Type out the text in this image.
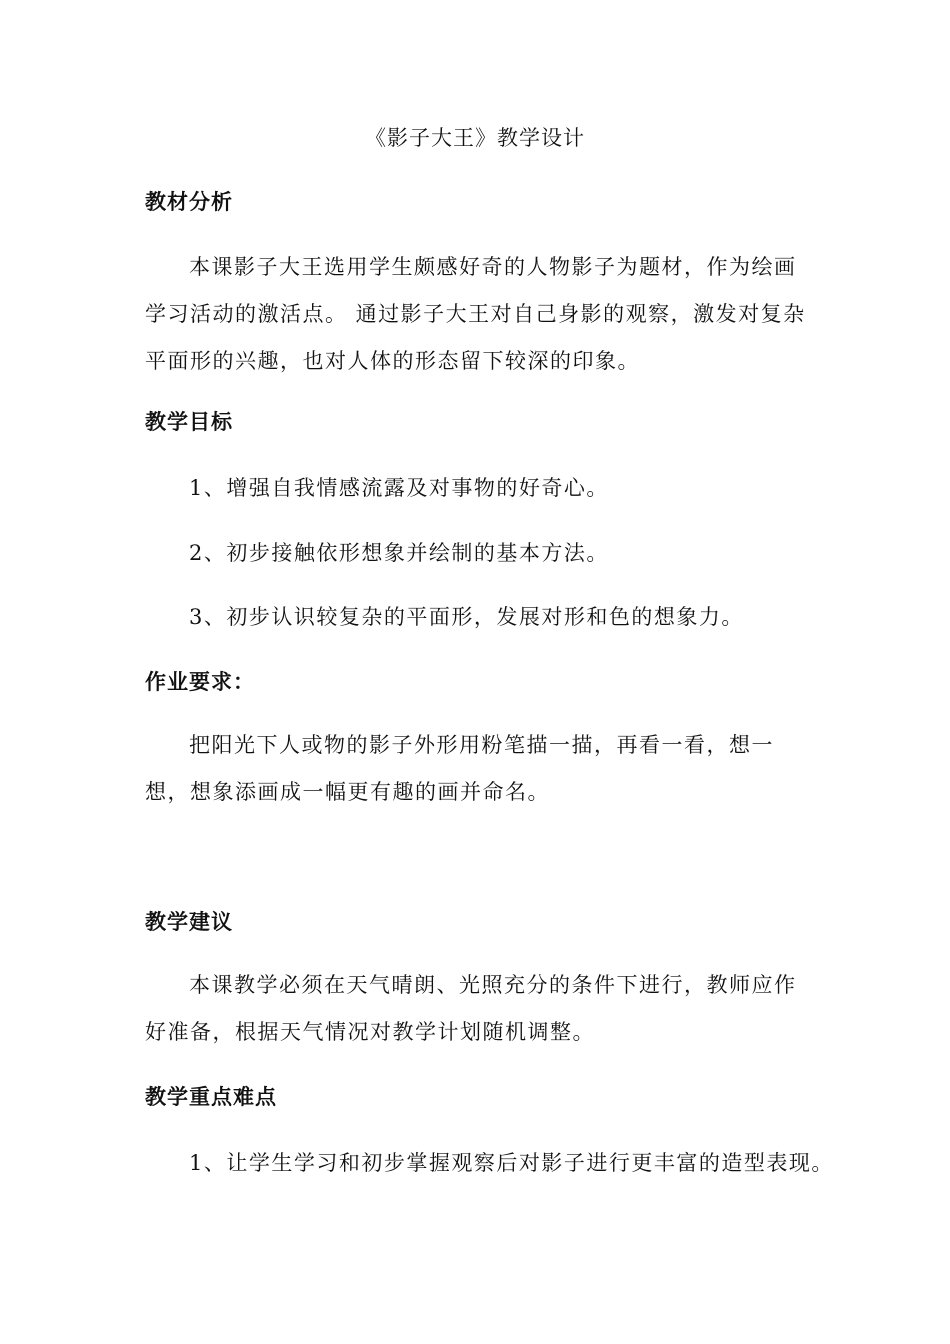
《影子大王》教学设计
教材分析

本课影子大王选用学生颇感好奇的人物影子为题材，作为绘画学习活动的激活点。 通过影子大王对自己身影的观察，激发对复杂平面形的兴趣，也对人体的形态留下较深的印象。

教学目标
1、增强自我情感流露及对事物的好奇心。
2、初步接触依形想象并绘制的基本方法。
3、初步认识较复杂的平面形，发展对形和色的想象力。
作业要求：

把阳光下人或物的影子外形用粉笔描一描，再看一看，想一想，想象添画成一幅更有趣的画并命名。

教学建议

本课教学必须在天气晴朗、光照充分的条件下进行，教师应作好准备，根据天气情况对教学计划随机调整。

教学重点难点
1、让学生学习和初步掌握观察后对影子进行更丰富的造型表现。
